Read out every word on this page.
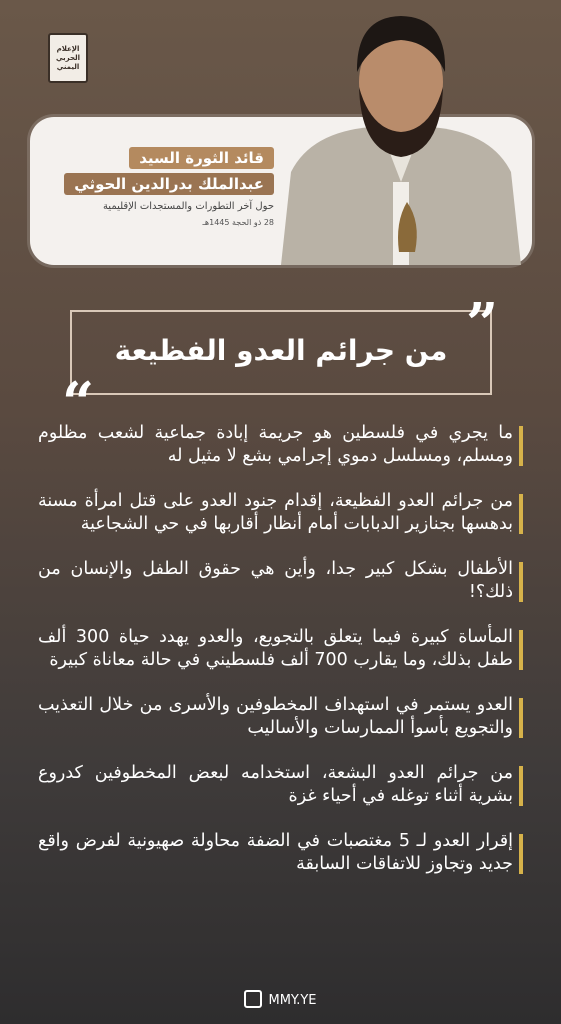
الإعلام
الحربي
اليمني
قائد الثورة السيد
عبدالملك بدرالدين الحوثي
حول آخر التطورات والمستجدات الإقليمية
28 ذو الحجة 1445هـ
من جرائم العدو الفظيعة ”
“
ما يجري في فلسطين هو جريمة إبادة جماعية لشعب مظلوم ومسلم، ومسلسل دموي إجرامي بشع لا مثيل له
من جرائم العدو الفظيعة، إقدام جنود العدو على قتل امرأة مسنة بدهسها بجنازير الدبابات أمام أنظار أقاربها في حي الشجاعية
الأطفال بشكل كبير جدا، وأين هي حقوق الطفل والإنسان من ذلك؟!
المأساة كبيرة فيما يتعلق بالتجويع، والعدو يهدد حياة 300 ألف طفل بذلك، وما يقارب 700 ألف فلسطيني في حالة معاناة كبيرة
العدو يستمر في استهداف المخطوفين والأسرى من خلال التعذيب والتجويع بأسوأ الممارسات والأساليب
من جرائم العدو البشعة، استخدامه لبعض المخطوفين كدروع بشرية أثناء توغله في أحياء غزة
إقرار العدو لـ 5 مغتصبات في الضفة محاولة صهيونية لفرض واقع جديد وتجاوز للاتفاقات السابقة
MMY.YE
